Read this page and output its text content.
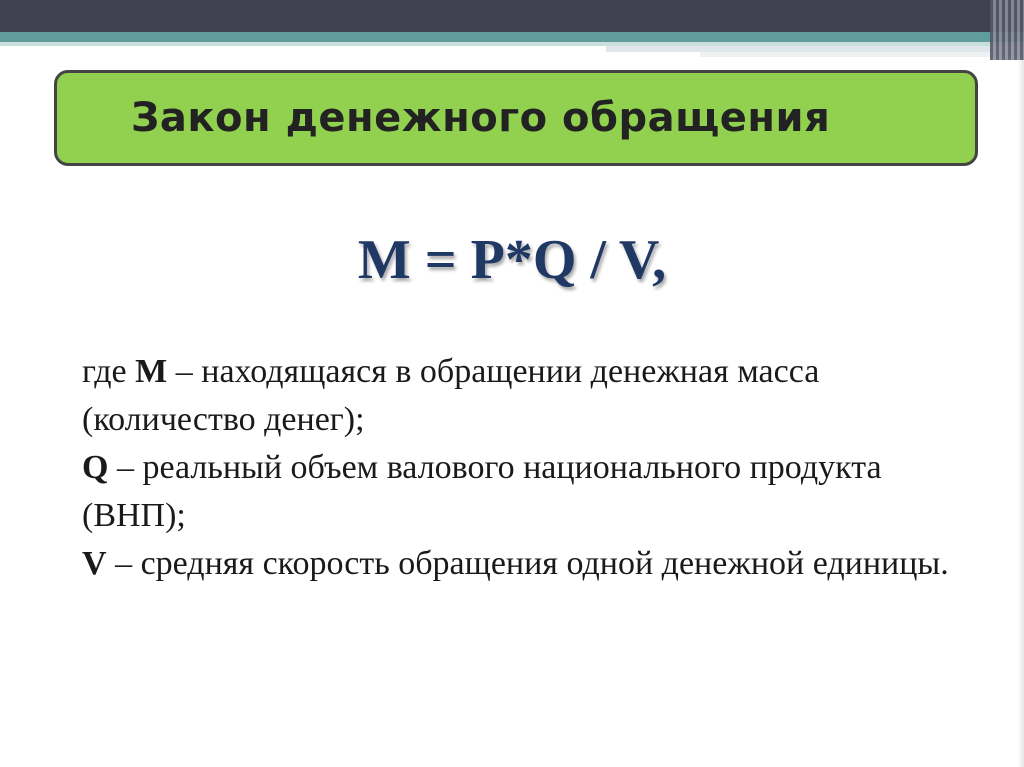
Закон денежного обращения
M = P*Q / V,

где M – находящаяся в обращении денежная масса (количество денег);

Q – реальный объем валового национального продукта (ВНП);

V – средняя скорость обращения одной денежной единицы.
